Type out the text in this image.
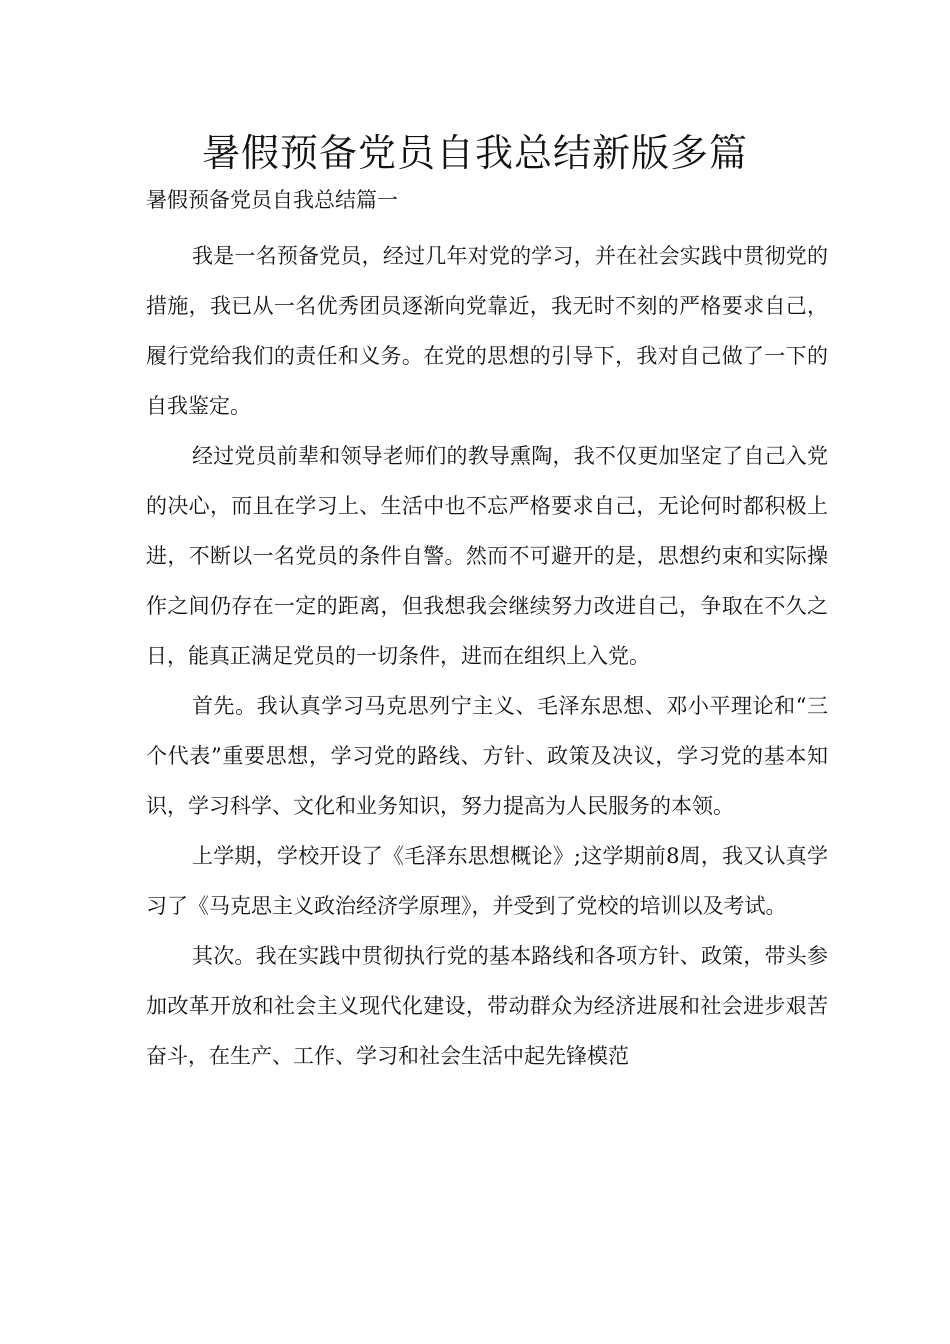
暑假预备党员自我总结新版多篇

暑假预备党员自我总结篇一

我是一名预备党员，经过几年对党的学习，并在社会实践中贯彻党的措施，我已从一名优秀团员逐渐向党靠近，我无时不刻的严格要求自己，履行党给我们的责任和义务。在党的思想的引导下，我对自己做了一下的自我鉴定。

经过党员前辈和领导老师们的教导熏陶，我不仅更加坚定了自己入党的决心，而且在学习上、生活中也不忘严格要求自己，无论何时都积极上进，不断以一名党员的条件自警。然而不可避开的是，思想约束和实际操作之间仍存在一定的距离，但我想我会继续努力改进自己，争取在不久之日，能真正满足党员的一切条件，进而在组织上入党。

首先。我认真学习马克思列宁主义、毛泽东思想、邓小平理论和“三个代表”重要思想，学习党的路线、方针、政策及决议，学习党的基本知识，学习科学、文化和业务知识，努力提高为人民服务的本领。

上学期，学校开设了《毛泽东思想概论》;这学期前8周，我又认真学习了《马克思主义政治经济学原理》，并受到了党校的培训以及考试。

其次。我在实践中贯彻执行党的基本路线和各项方针、政策，带头参加改革开放和社会主义现代化建设，带动群众为经济进展和社会进步艰苦奋斗，在生产、工作、学习和社会生活中起先锋模范
